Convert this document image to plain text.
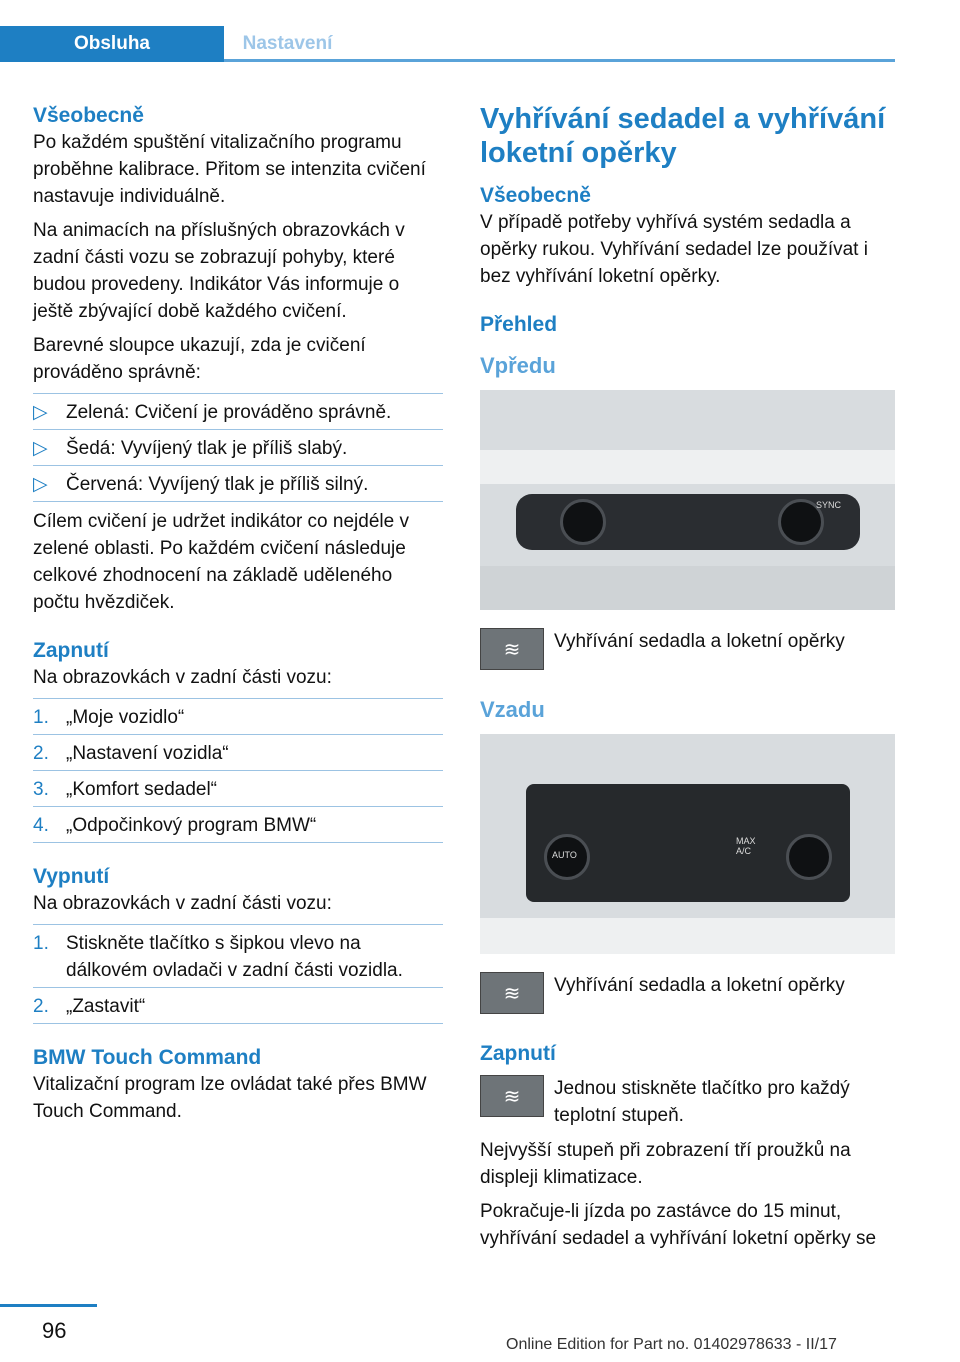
Obsluha	Nastavení
Všeobecně

Po každém spuštění vitalizačního programu proběhne kalibrace. Přitom se intenzita cvičení nastavuje individuálně.

Na animacích na příslušných obrazovkách v zadní části vozu se zobrazují pohyby, které budou provedeny. Indikátor Vás informuje o ještě zbývající době každého cvičení.

Barevné sloupce ukazují, zda je cvičení prováděno správně:

▷ Zelená: Cvičení je prováděno správně.
▷ Šedá: Vyvíjený tlak je příliš slabý.
▷ Červená: Vyvíjený tlak je příliš silný.

Cílem cvičení je udržet indikátor co nejdéle v zelené oblasti. Po každém cvičení následuje celkové zhodnocení na základě uděleného počtu hvězdiček.

Zapnutí

Na obrazovkách v zadní části vozu:

1. „Moje vozidlo“
2. „Nastavení vozidla“
3. „Komfort sedadel“
4. „Odpočinkový program BMW“
Vypnutí

Na obrazovkách v zadní části vozu:

1. Stiskněte tlačítko s šipkou vlevo na dálkovém ovladači v zadní části vozidla.
2. „Zastavit“
BMW Touch Command

Vitalizační program lze ovládat také přes BMW Touch Command.

Vyhřívání sedadel a vyhřívání loketní opěrky
Všeobecně

V případě potřeby vyhřívá systém sedadla a opěrky rukou. Vyhřívání sedadel lze používat i bez vyhřívání loketní opěrky.

Přehled
Vpředu
SYNC
≋	Vyhřívání sedadla a loketní opěrky
Vzadu
AUTO
MAX A/C
≋	Vyhřívání sedadla a loketní opěrky
Zapnutí
≋	Jednou stiskněte tlačítko pro každý teplotní stupeň.

Nejvyšší stupeň při zobrazení tří proužků na displeji klimatizace.

Pokračuje-li jízda po zastávce do 15 minut, vyhřívání sedadel a vyhřívání loketní opěrky se

96
Online Edition for Part no. 01402978633 - II/17
